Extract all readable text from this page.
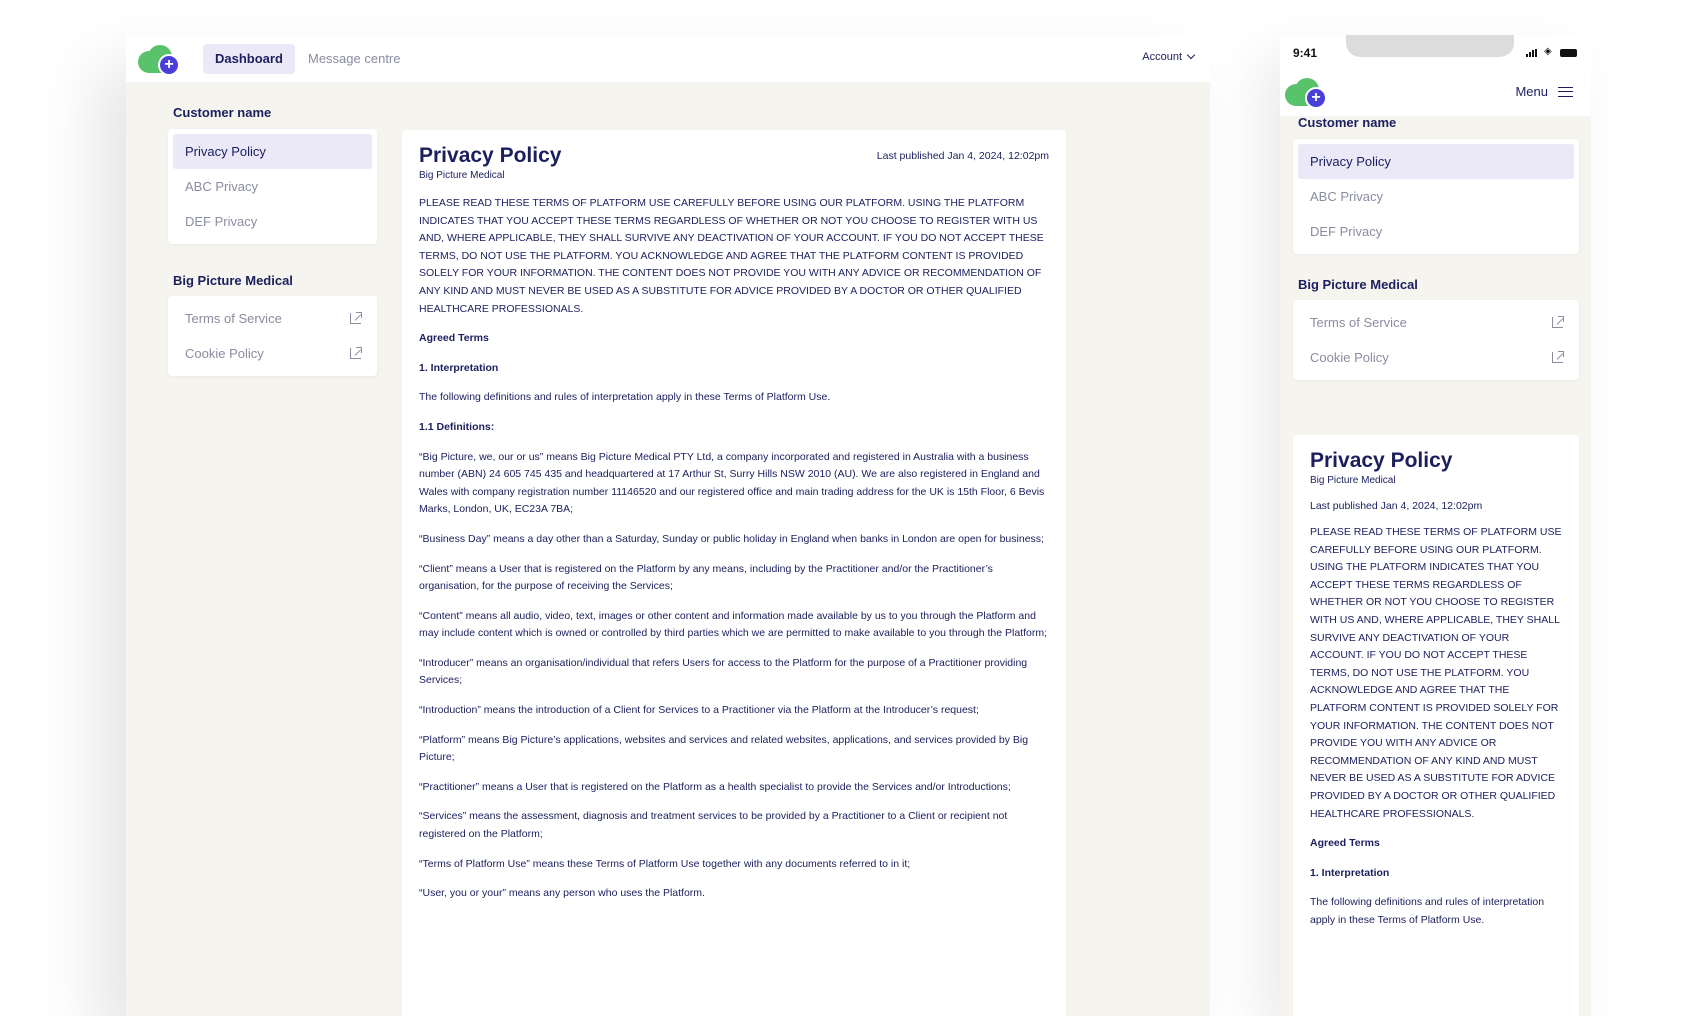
+	Dashboard	Message centre	Account
Customer name
Privacy Policy
ABC Privacy
DEF Privacy
Big Picture Medical
Terms of Service
Cookie Policy
Privacy Policy
Big Picture Medical
Last published Jan 4, 2024, 12:02pm

PLEASE READ THESE TERMS OF PLATFORM USE CAREFULLY BEFORE USING OUR PLATFORM. USING THE PLATFORM INDICATES THAT YOU ACCEPT THESE TERMS REGARDLESS OF WHETHER OR NOT YOU CHOOSE TO REGISTER WITH US AND, WHERE APPLICABLE, THEY SHALL SURVIVE ANY DEACTIVATION OF YOUR ACCOUNT. IF YOU DO NOT ACCEPT THESE TERMS, DO NOT USE THE PLATFORM. YOU ACKNOWLEDGE AND AGREE THAT THE PLATFORM CONTENT IS PROVIDED SOLELY FOR YOUR INFORMATION. THE CONTENT DOES NOT PROVIDE YOU WITH ANY ADVICE OR RECOMMENDATION OF ANY KIND AND MUST NEVER BE USED AS A SUBSTITUTE FOR ADVICE PROVIDED BY A DOCTOR OR OTHER QUALIFIED HEALTHCARE PROFESSIONALS.

Agreed Terms

1. Interpretation

The following definitions and rules of interpretation apply in these Terms of Platform Use.

1.1 Definitions:

“Big Picture, we, our or us” means Big Picture Medical PTY Ltd, a company incorporated and registered in Australia with a business number (ABN) 24 605 745 435 and headquartered at 17 Arthur St, Surry Hills NSW 2010 (AU). We are also registered in England and Wales with company registration number 11146520 and our registered office and main trading address for the UK is 15th Floor, 6 Bevis Marks, London, UK, EC23A 7BA;

“Business Day” means a day other than a Saturday, Sunday or public holiday in England when banks in London are open for business;

“Client” means a User that is registered on the Platform by any means, including by the Practitioner and/or the Practitioner’s organisation, for the purpose of receiving the Services;

“Content” means all audio, video, text, images or other content and information made available by us to you through the Platform and may include content which is owned or controlled by third parties which we are permitted to make available to you through the Platform;

“Introducer” means an organisation/individual that refers Users for access to the Platform for the purpose of a Practitioner providing Services;

“Introduction” means the introduction of a Client for Services to a Practitioner via the Platform at the Introducer’s request;

“Platform” means Big Picture’s applications, websites and services and related websites, applications, and services provided by Big Picture;

“Practitioner” means a User that is registered on the Platform as a health specialist to provide the Services and/or Introductions;

“Services” means the assessment, diagnosis and treatment services to be provided by a Practitioner to a Client or recipient not registered on the Platform;

“Terms of Platform Use” means these Terms of Platform Use together with any documents referred to in it;

“User, you or your” means any person who uses the Platform.

9:41	◈
+	Menu
Customer name
Privacy Policy
ABC Privacy
DEF Privacy
Big Picture Medical
Terms of Service
Cookie Policy
Privacy Policy
Big Picture Medical
Last published Jan 4, 2024, 12:02pm

PLEASE READ THESE TERMS OF PLATFORM USE CAREFULLY BEFORE USING OUR PLATFORM. USING THE PLATFORM INDICATES THAT YOU ACCEPT THESE TERMS REGARDLESS OF WHETHER OR NOT YOU CHOOSE TO REGISTER WITH US AND, WHERE APPLICABLE, THEY SHALL SURVIVE ANY DEACTIVATION OF YOUR ACCOUNT. IF YOU DO NOT ACCEPT THESE TERMS, DO NOT USE THE PLATFORM. YOU ACKNOWLEDGE AND AGREE THAT THE PLATFORM CONTENT IS PROVIDED SOLELY FOR YOUR INFORMATION. THE CONTENT DOES NOT PROVIDE YOU WITH ANY ADVICE OR RECOMMENDATION OF ANY KIND AND MUST NEVER BE USED AS A SUBSTITUTE FOR ADVICE PROVIDED BY A DOCTOR OR OTHER QUALIFIED HEALTHCARE PROFESSIONALS.

Agreed Terms

1. Interpretation

The following definitions and rules of interpretation apply in these Terms of Platform Use.
